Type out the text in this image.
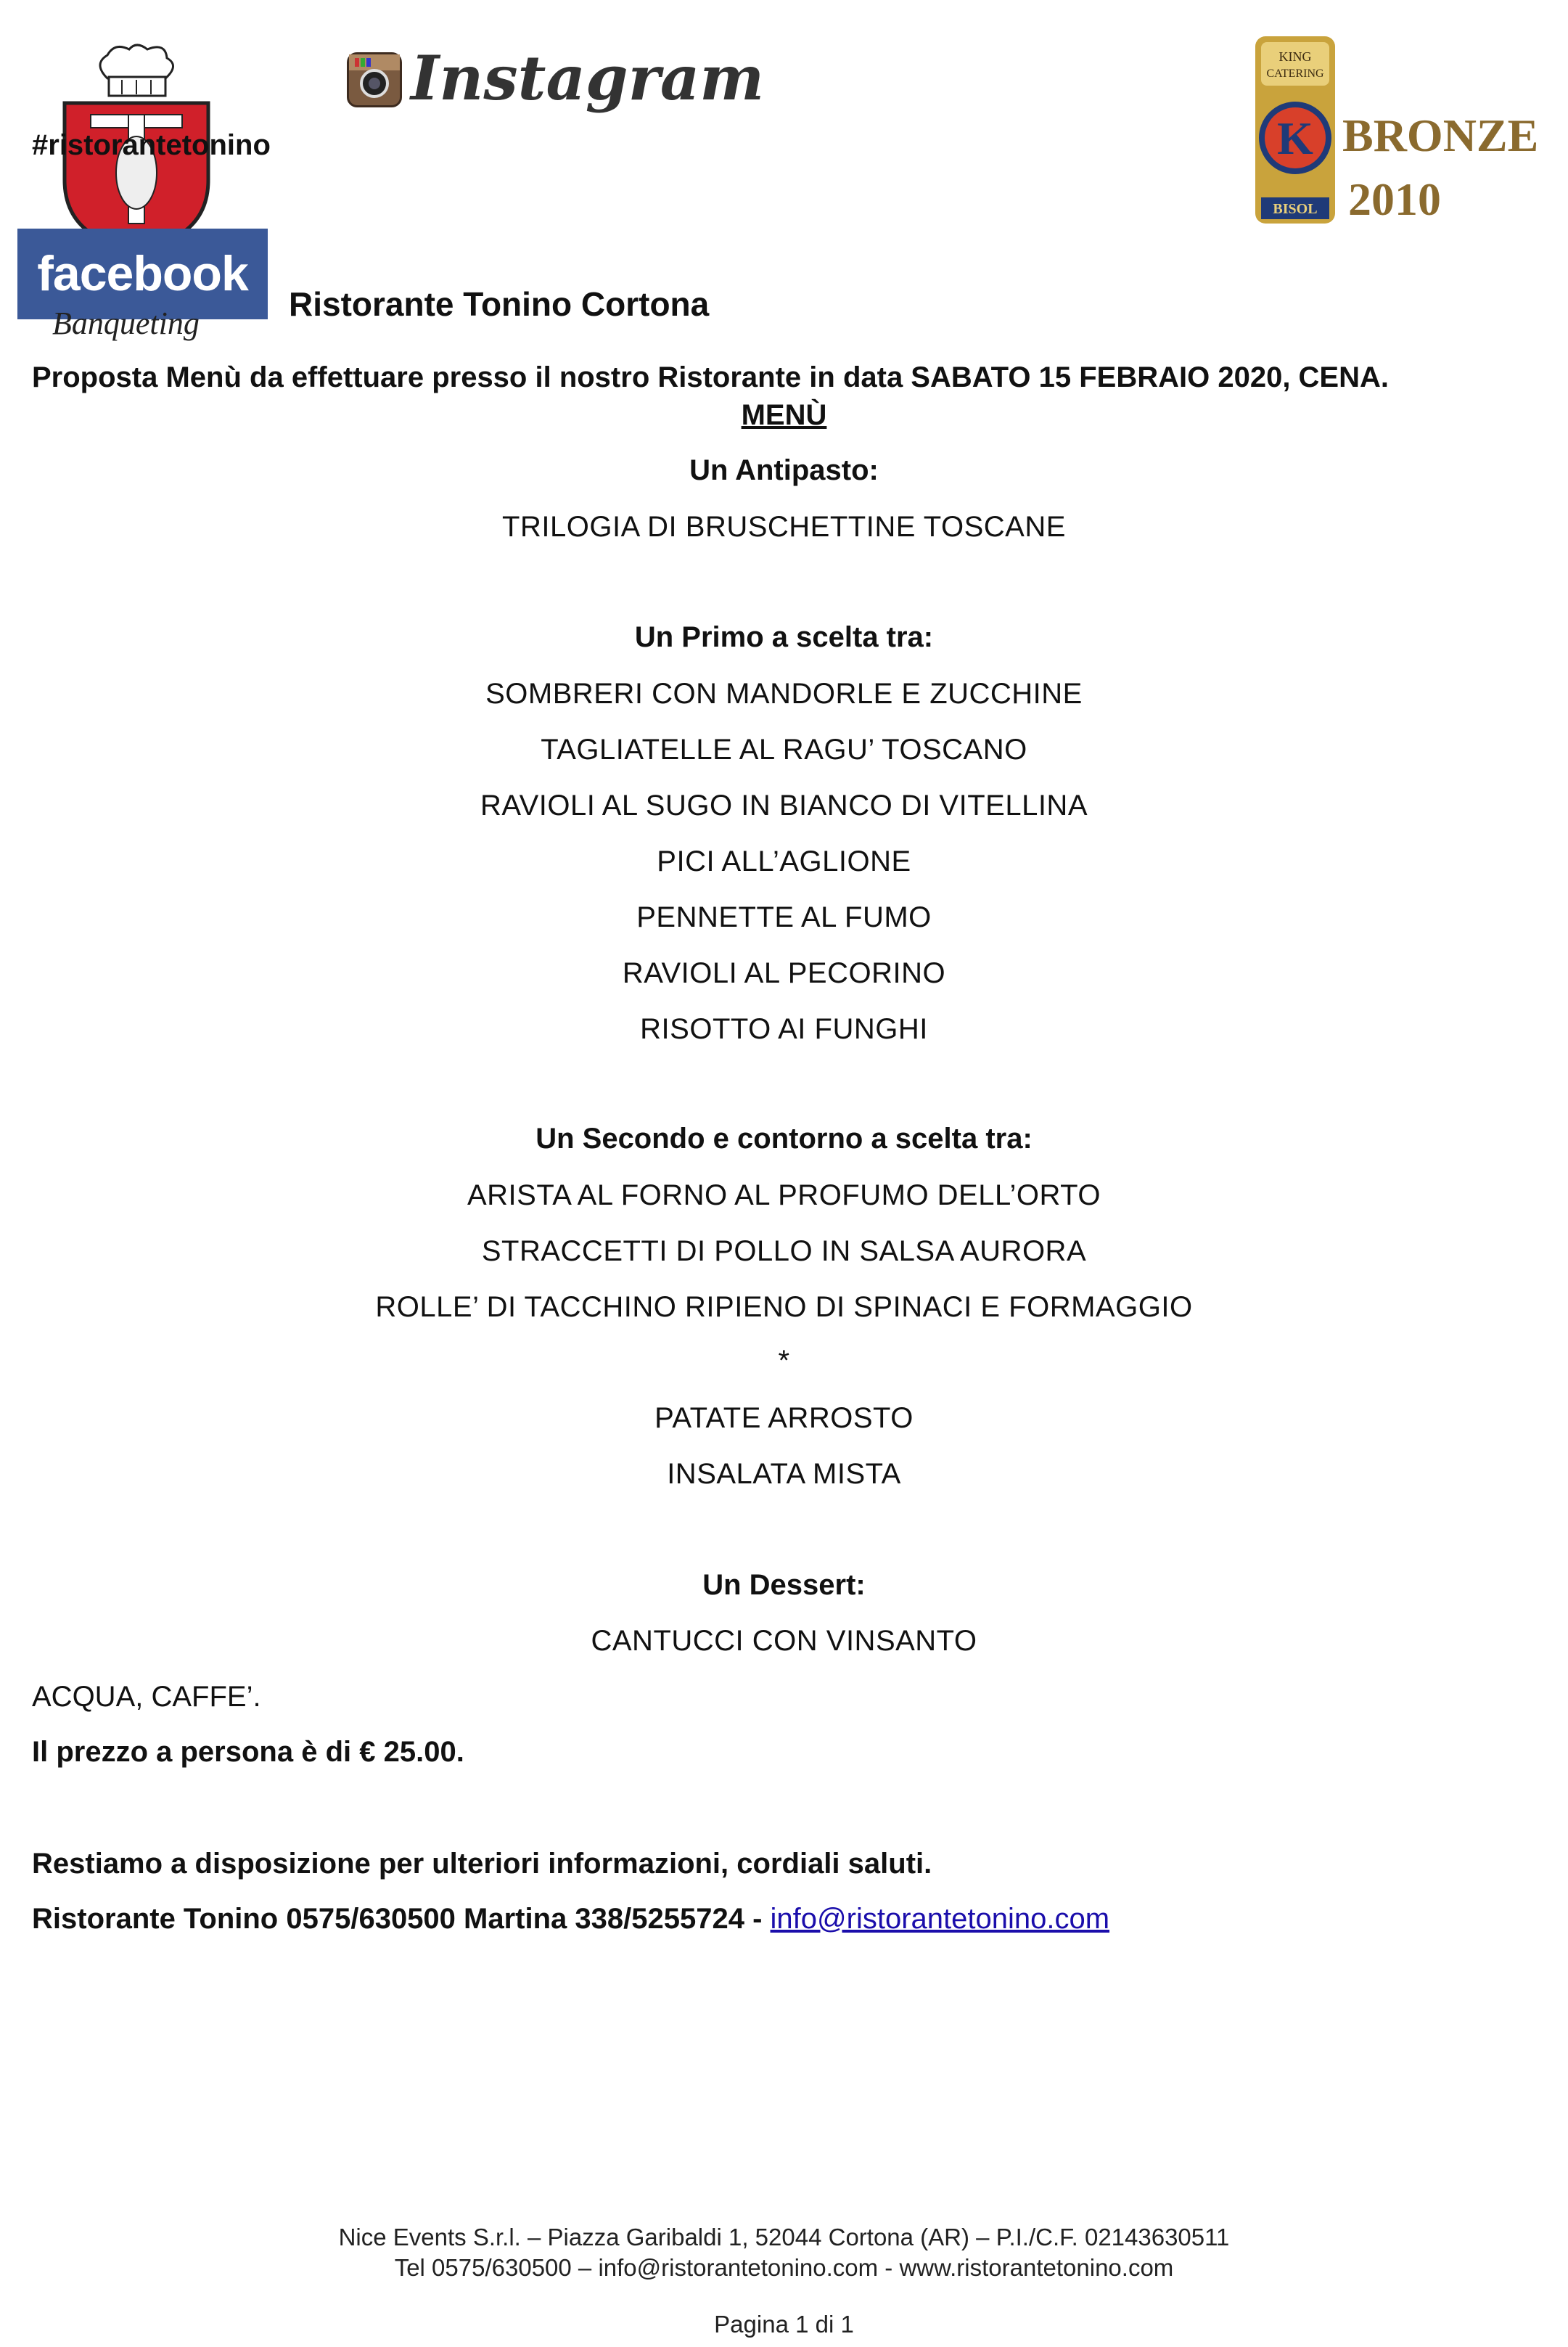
#ristorantetonino
facebook
Banqueting
Instagram	KING
CATERING
K
BISOL
BRONZE
2010
Ristorante Tonino Cortona
Proposta Menù da effettuare presso il nostro Ristorante in data SABATO 15 FEBRAIO 2020, CENA.
MENÙ
Un Antipasto:
TRILOGIA DI BRUSCHETTINE TOSCANE
Un Primo a scelta tra:
SOMBRERI CON MANDORLE E ZUCCHINE
TAGLIATELLE AL RAGU’ TOSCANO
RAVIOLI AL SUGO IN BIANCO DI VITELLINA
PICI ALL’AGLIONE
PENNETTE AL FUMO
RAVIOLI AL PECORINO
RISOTTO AI FUNGHI
Un Secondo e contorno a scelta tra:
ARISTA AL FORNO AL PROFUMO DELL’ORTO
STRACCETTI DI POLLO IN SALSA AURORA
ROLLE’ DI TACCHINO RIPIENO DI SPINACI E FORMAGGIO
*
PATATE ARROSTO
INSALATA MISTA
Un Dessert:
CANTUCCI CON VINSANTO
ACQUA, CAFFE’.
Il prezzo a persona è di € 25.00.
Restiamo a disposizione per ulteriori informazioni, cordiali saluti.
Ristorante Tonino 0575/630500 Martina 338/5255724 - info@ristorantetonino.com
Nice Events S.r.l. – Piazza Garibaldi 1, 52044 Cortona (AR) – P.I./C.F. 02143630511
Tel 0575/630500 – info@ristorantetonino.com - www.ristorantetonino.com
Pagina 1 di 1
